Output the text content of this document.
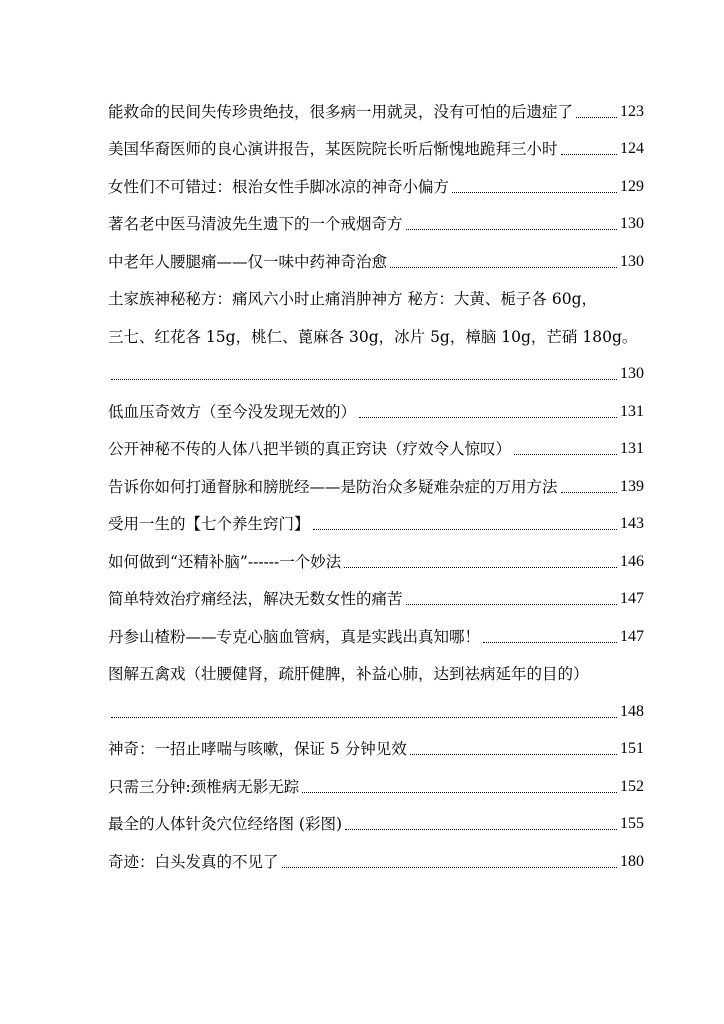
能救命的民间失传珍贵绝技，很多病一用就灵，没有可怕的后遗症了	123
美国华裔医师的良心演讲报告，某医院院长听后惭愧地跪拜三小时	124
女性们不可错过：根治女性手脚冰凉的神奇小偏方	129
著名老中医马清波先生遗下的一个戒烟奇方	130
中老年人腰腿痛——仅一味中药神奇治愈	130
土家族神秘秘方：痛风六小时止痛消肿神方 秘方：大黄、栀子各 60g，
三七、红花各 15g，桃仁、蓖麻各 30g，冰片 5g，樟脑 10g，芒硝 180g。
130
低血压奇效方（至今没发现无效的）	131
公开神秘不传的人体八把半锁的真正窍诀（疗效令人惊叹）	131
告诉你如何打通督脉和膀胱经——是防治众多疑难杂症的万用方法	139
受用一生的【七个养生窍门】	143
如何做到“还精补脑”------一个妙法	146
简单特效治疗痛经法，解决无数女性的痛苦	147
丹参山楂粉——专克心脑血管病，真是实践出真知哪！	147
图解五禽戏（壮腰健肾，疏肝健脾，补益心肺，达到祛病延年的目的）
148
神奇：一招止哮喘与咳嗽，保证 5 分钟见效	151
只需三分钟:颈椎病无影无踪	152
最全的人体针灸穴位经络图 (彩图)	155
奇迹：白头发真的不见了	180
